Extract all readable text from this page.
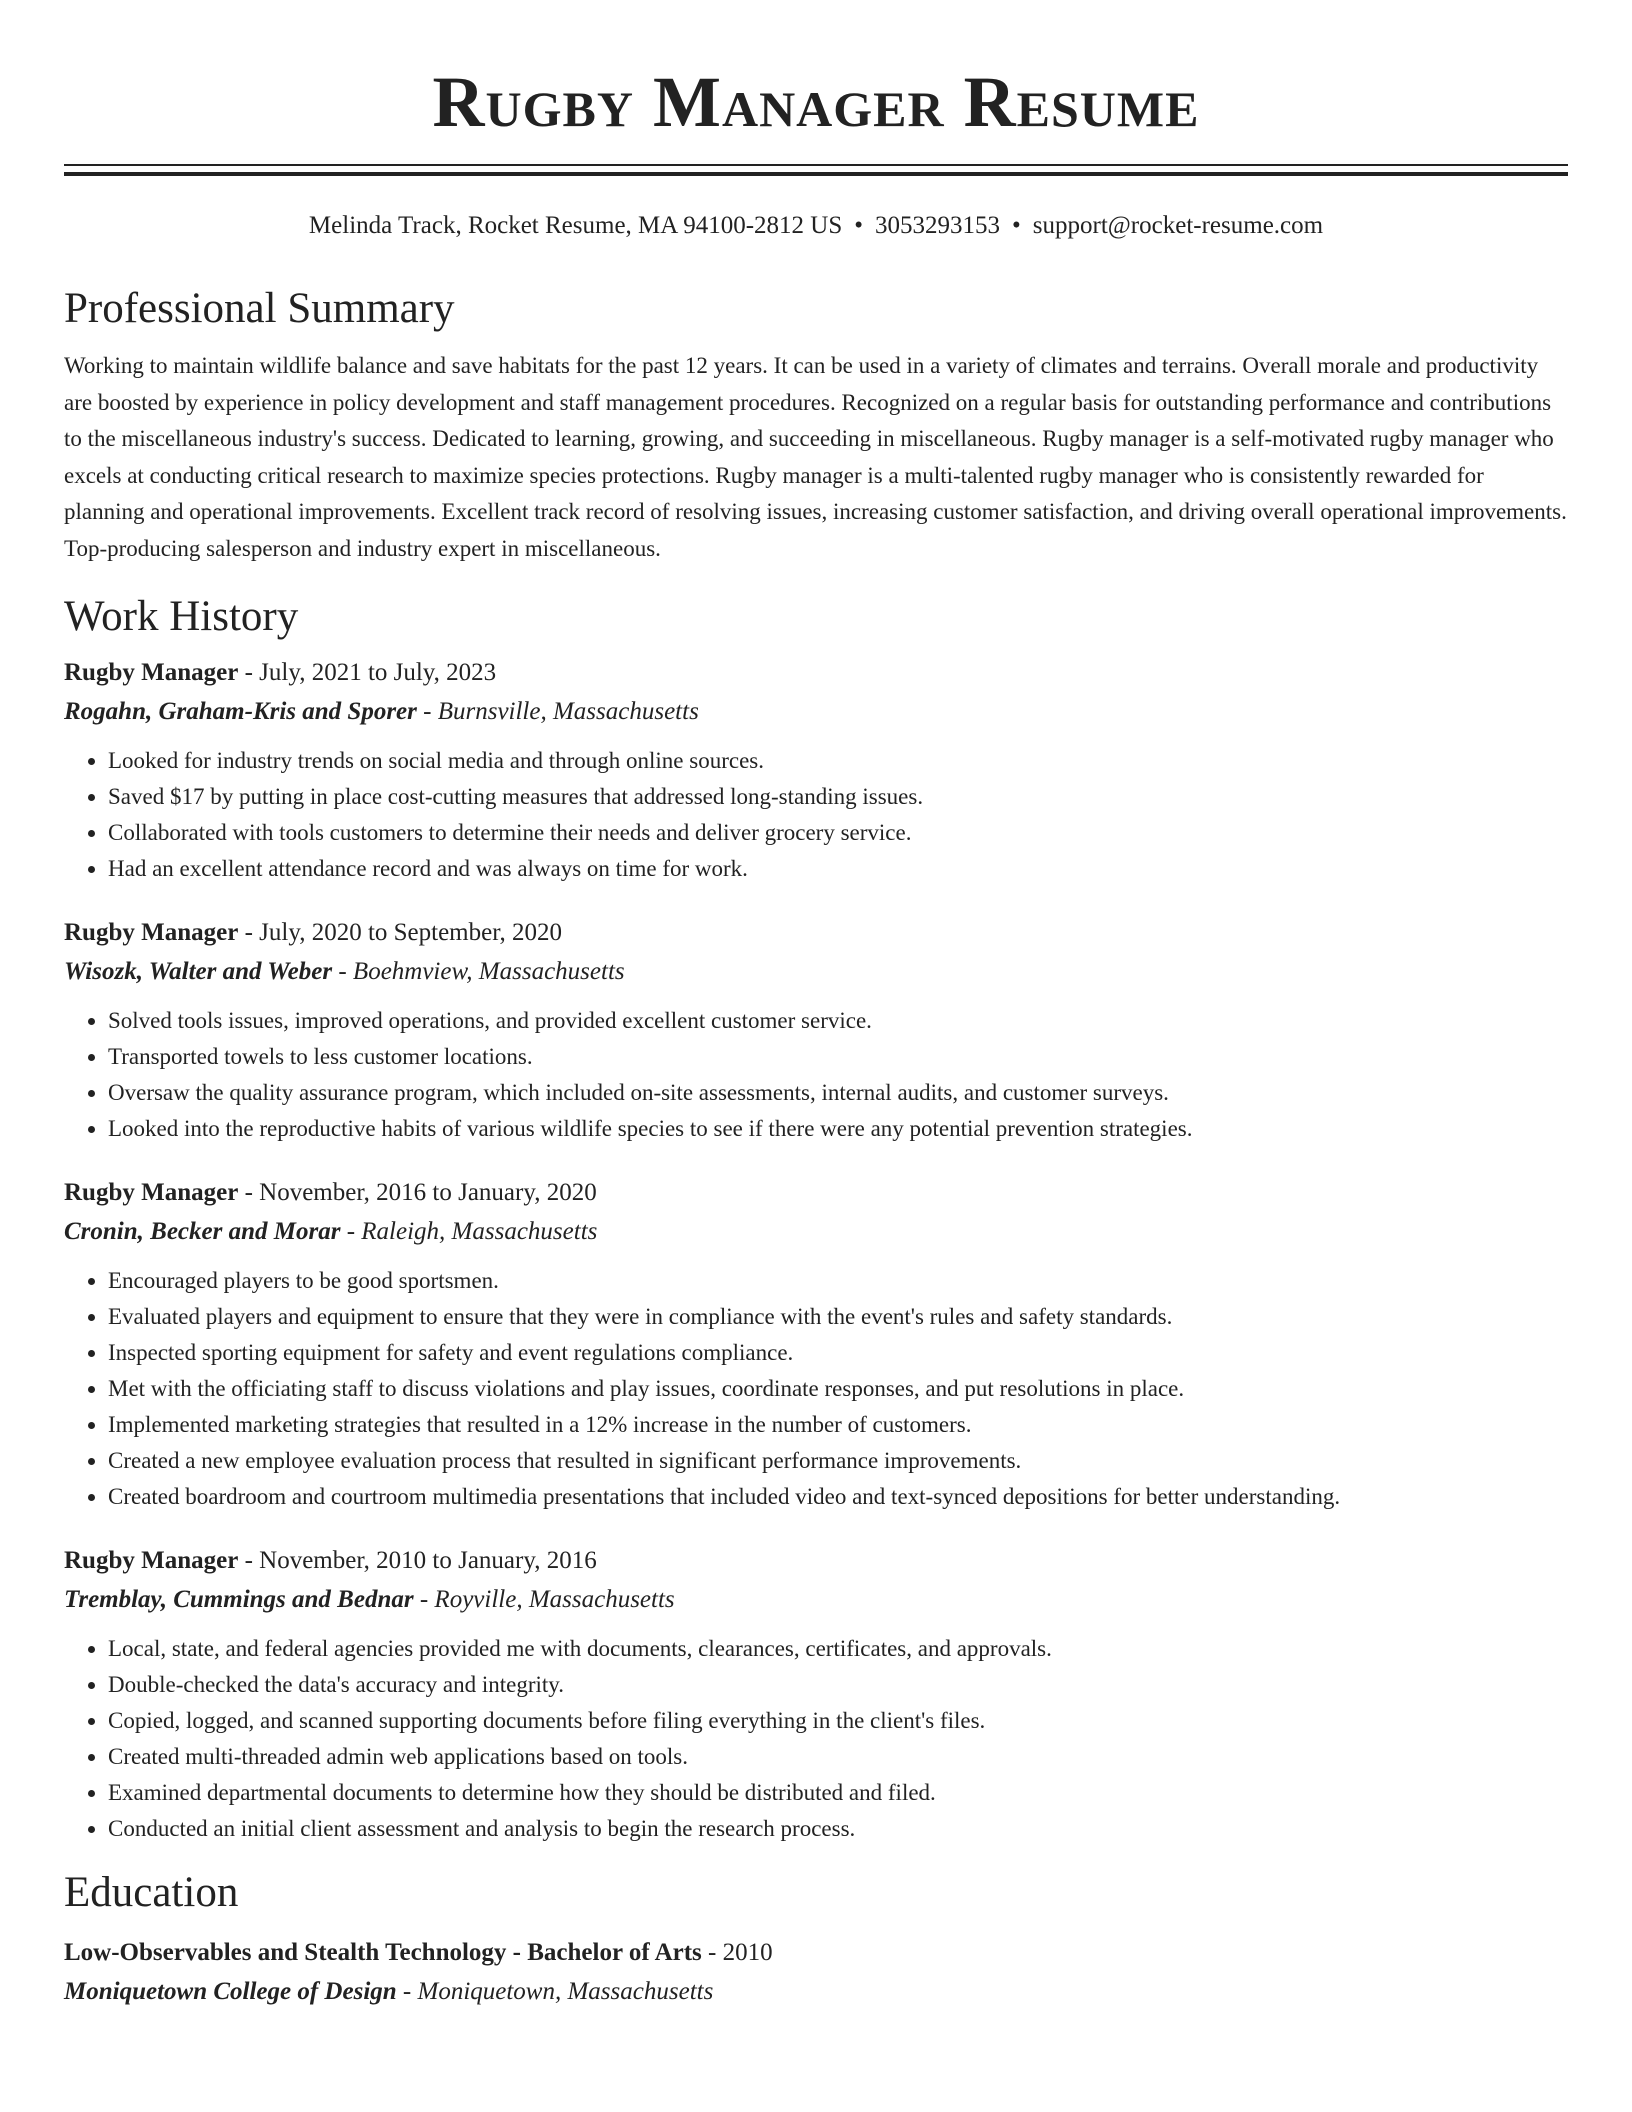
Rugby Manager Resume
Melinda Track, Rocket Resume, MA 94100-2812 US • 3053293153 • support@rocket-resume.com
Professional Summary
Working to maintain wildlife balance and save habitats for the past 12 years. It can be used in a variety of climates and terrains. Overall morale and productivity are boosted by experience in policy development and staff management procedures. Recognized on a regular basis for outstanding performance and contributions to the miscellaneous industry's success. Dedicated to learning, growing, and succeeding in miscellaneous. Rugby manager is a self-motivated rugby manager who excels at conducting critical research to maximize species protections. Rugby manager is a multi-talented rugby manager who is consistently rewarded for planning and operational improvements. Excellent track record of resolving issues, increasing customer satisfaction, and driving overall operational improvements. Top-producing salesperson and industry expert in miscellaneous.
Work History
Rugby Manager - July, 2021 to July, 2023
Rogahn, Graham-Kris and Sporer - Burnsville, Massachusetts
• Looked for industry trends on social media and through online sources.
• Saved $17 by putting in place cost-cutting measures that addressed long-standing issues.
• Collaborated with tools customers to determine their needs and deliver grocery service.
• Had an excellent attendance record and was always on time for work.
Rugby Manager - July, 2020 to September, 2020
Wisozk, Walter and Weber - Boehmview, Massachusetts
• Solved tools issues, improved operations, and provided excellent customer service.
• Transported towels to less customer locations.
• Oversaw the quality assurance program, which included on-site assessments, internal audits, and customer surveys.
• Looked into the reproductive habits of various wildlife species to see if there were any potential prevention strategies.
Rugby Manager - November, 2016 to January, 2020
Cronin, Becker and Morar - Raleigh, Massachusetts
• Encouraged players to be good sportsmen.
• Evaluated players and equipment to ensure that they were in compliance with the event's rules and safety standards.
• Inspected sporting equipment for safety and event regulations compliance.
• Met with the officiating staff to discuss violations and play issues, coordinate responses, and put resolutions in place.
• Implemented marketing strategies that resulted in a 12% increase in the number of customers.
• Created a new employee evaluation process that resulted in significant performance improvements.
• Created boardroom and courtroom multimedia presentations that included video and text-synced depositions for better understanding.
Rugby Manager - November, 2010 to January, 2016
Tremblay, Cummings and Bednar - Royville, Massachusetts
• Local, state, and federal agencies provided me with documents, clearances, certificates, and approvals.
• Double-checked the data's accuracy and integrity.
• Copied, logged, and scanned supporting documents before filing everything in the client's files.
• Created multi-threaded admin web applications based on tools.
• Examined departmental documents to determine how they should be distributed and filed.
• Conducted an initial client assessment and analysis to begin the research process.
Education
Low-Observables and Stealth Technology - Bachelor of Arts - 2010
Moniquetown College of Design - Moniquetown, Massachusetts
